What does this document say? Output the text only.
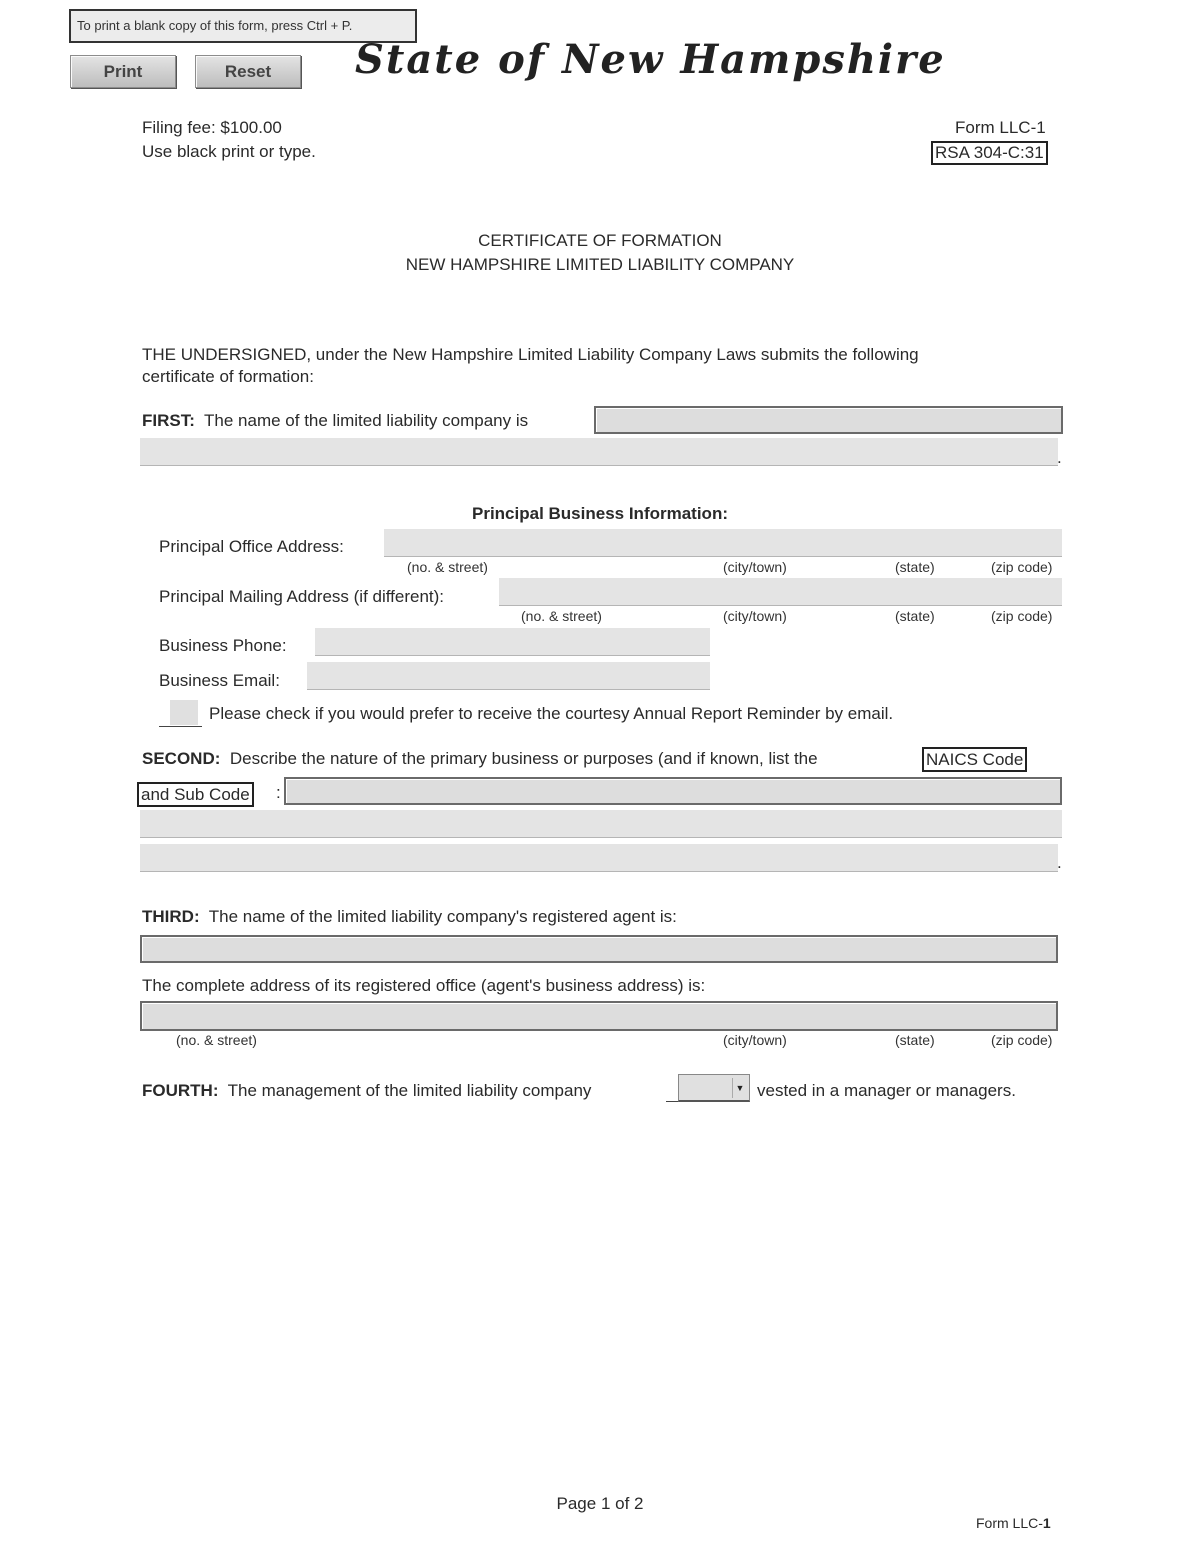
To print a blank copy of this form, press Ctrl + P.
Print	Reset	State of New Hampshire
Filing fee: $100.00
Use black print or type.
Form LLC-1
RSA 304-C:31
CERTIFICATE OF FORMATION
NEW HAMPSHIRE LIMITED LIABILITY COMPANY
THE UNDERSIGNED, under the New Hampshire Limited Liability Company Laws submits the following
certificate of formation:
FIRST: The name of the limited liability company is
.
Principal Business Information:
Principal Office Address:
(no. & street)	(city/town)	(state)	(zip code)
Principal Mailing Address (if different):
(no. & street)	(city/town)	(state)	(zip code)
Business Phone:
Business Email:
Please check if you would prefer to receive the courtesy Annual Report Reminder by email.
SECOND: Describe the nature of the primary business or purposes (and if known, list the	NAICS Code
and Sub Code :
.
THIRD: The name of the limited liability company's registered agent is:
The complete address of its registered office (agent's business address) is:
(no. & street)	(city/town)	(state)	(zip code)
FOURTH: The management of the limited liability company	▼ vested in a manager or managers.
Page 1 of 2
Form LLC-1
